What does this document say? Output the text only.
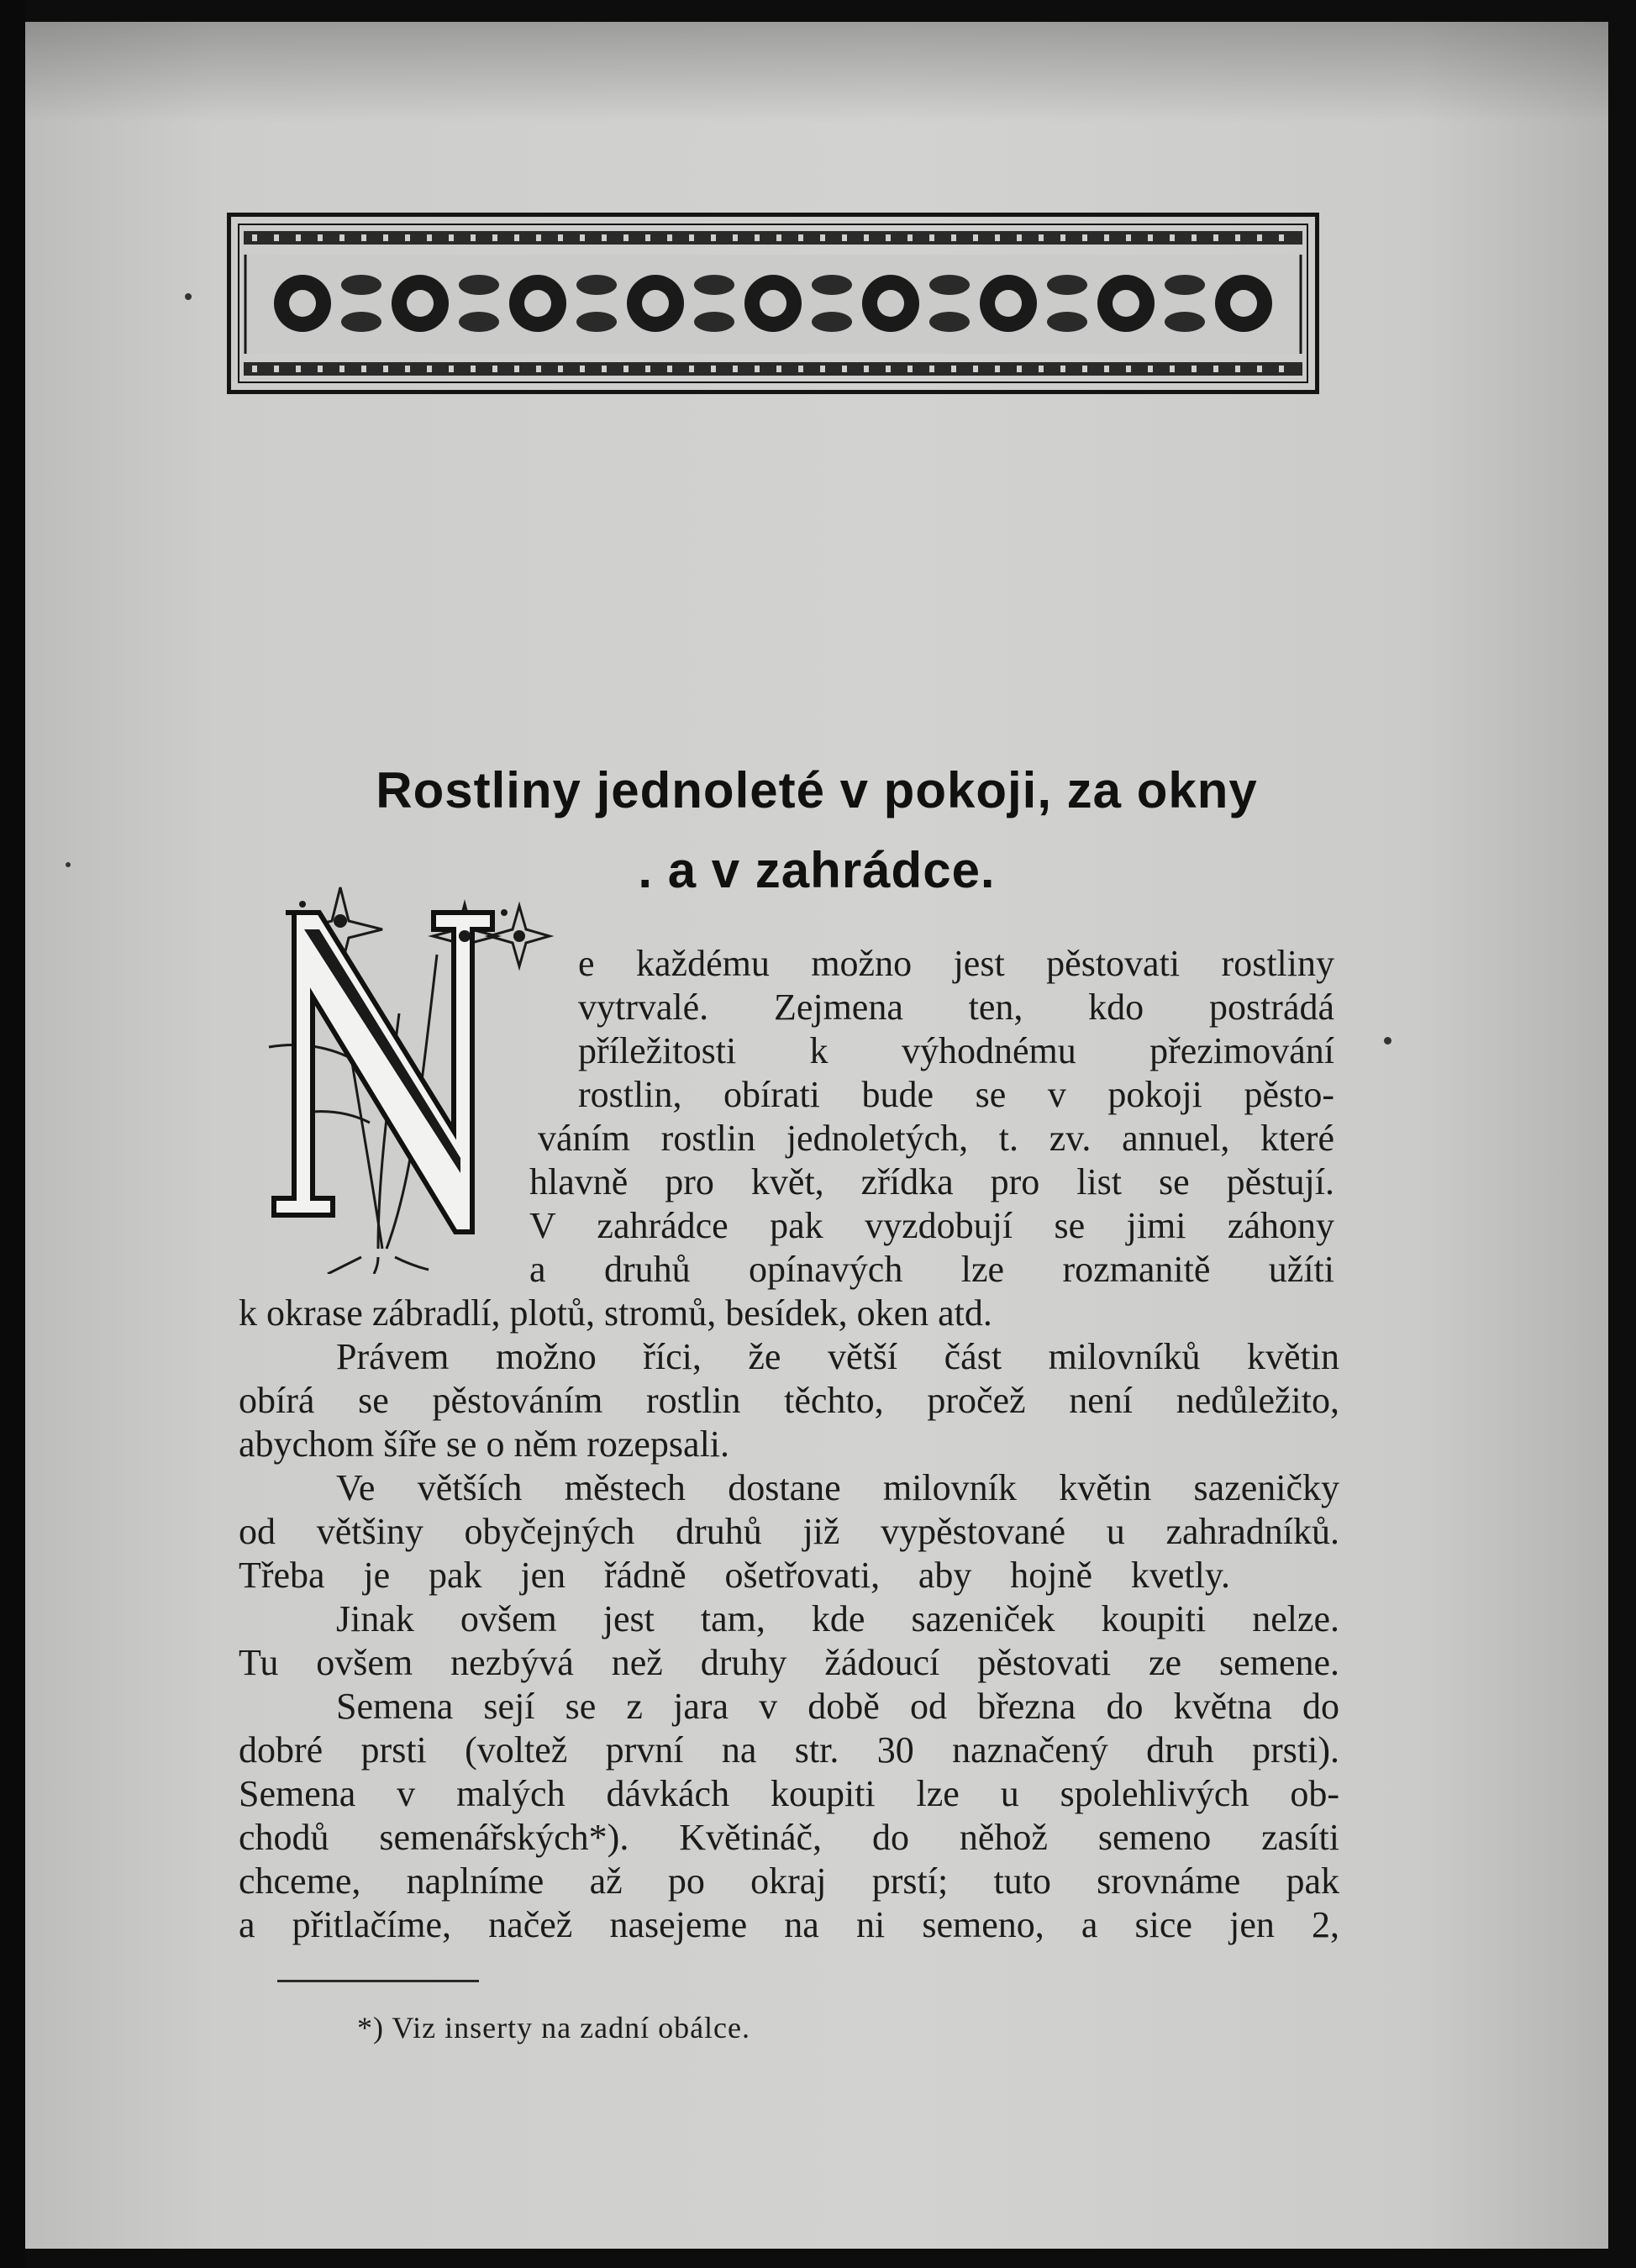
Rostliny jednoleté v pokoji, za okny
. a v zahrádce.

e každému možno jest pěstovati rostliny

vytrvalé. Zejmena ten, kdo postrádá

příležitosti k výhodnému přezimování

rostlin, obírati bude se v pokoji pěsto-

váním rostlin jednoletých, t. zv. annuel, které

hlavně pro květ, zřídka pro list se pěstují.

V zahrádce pak vyzdobují se jimi záhony

a druhů opínavých lze rozmanitě užíti

k okrase zábradlí, plotů, stromů, besídek, oken atd.

Právem možno říci, že větší část milovníků květin

obírá se pěstováním rostlin těchto, pročež není nedůležito,

abychom šíře se o něm rozepsali.

Ve větších městech dostane milovník květin sazeničky

od většiny obyčejných druhů již vypěstované u zahradníků.

Třeba je pak jen řádně ošetřovati, aby hojně kvetly.

Jinak ovšem jest tam, kde sazeniček koupiti nelze.

Tu ovšem nezbývá než druhy žádoucí pěstovati ze semene.

Semena sejí se z jara v době od března do května do

dobré prsti (voltež první na str. 30 naznačený druh prsti).

Semena v malých dávkách koupiti lze u spolehlivých ob-

chodů semenářských*). Květináč, do něhož semeno zasíti

chceme, naplníme až po okraj prstí; tuto srovnáme pak

a přitlačíme, načež nasejeme na ni semeno, a sice jen 2,

*) Viz inserty na zadní obálce.
